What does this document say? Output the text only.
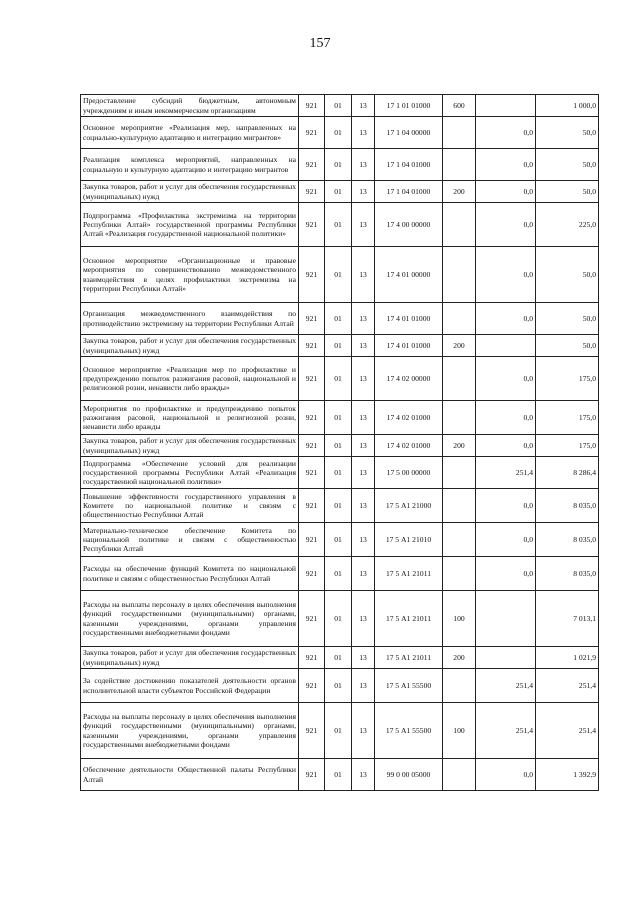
157
Предоставление субсидий бюджетным, автономным учреждениям и иным некоммерческим организациям	921	01	13	17 1 01 01000	600		1 000,0
Основное мероприятие «Реализация мер, направленных на социально-культурную адаптацию и интеграцию мигрантов»	921	01	13	17 1 04 00000		0,0	50,0
Реализация комплекса мероприятий, направленных на социальную и культурную адаптацию и интеграцию мигрантов	921	01	13	17 1 04 01000		0,0	50,0
Закупка товаров, работ и услуг для обеспечения государственных (муниципальных) нужд	921	01	13	17 1 04 01000	200	0,0	50,0
Подпрограмма «Профилактика экстремизма на территории Республики Алтай» государственной программы Республики Алтай «Реализация государственной национальной политики»	921	01	13	17 4 00 00000		0,0	225,0
Основное мероприятие «Организационные и правовые мероприятия по совершенствованию межведомственного взаимодействия в целях профилактики экстремизма на территории Республики Алтай»	921	01	13	17 4 01 00000		0,0	50,0
Организация межведомственного взаимодействия по противодействию экстремизму на территории Республики Алтай	921	01	13	17 4 01 01000		0,0	50,0
Закупка товаров, работ и услуг для обеспечения государственных (муниципальных) нужд	921	01	13	17 4 01 01000	200		50,0
Основное мероприятие «Реализация мер по профилактике и предупреждению попыток разжигания расовой, национальной и религиозной розни, ненависти либо вражды»	921	01	13	17 4 02 00000		0,0	175,0
Мероприятия по профилактике и предупреждению попыток разжигания расовой, национальной и религиозной розни, ненависти либо вражды	921	01	13	17 4 02 01000		0,0	175,0
Закупка товаров, работ и услуг для обеспечения государственных (муниципальных) нужд	921	01	13	17 4 02 01000	200	0,0	175,0
Подпрограмма «Обеспечение условий для реализации государственной программы Республики Алтай «Реализация государственной национальной политики»	921	01	13	17 5 00 00000		251,4	8 286,4
Повышение эффективности государственного управления в Комитете по национальной политике и связям с общественностью Республики Алтай	921	01	13	17 5 А1 21000		0,0	8 035,0
Материально-техническое обеспечение Комитета по национальной политике и связям с общественностью Республики Алтай	921	01	13	17 5 А1 21010		0,0	8 035,0
Расходы на обеспечение функций Комитета по национальной политике и связям с общественностью Республики Алтай	921	01	13	17 5 А1 21011		0,0	8 035,0
Расходы на выплаты персоналу в целях обеспечения выполнения функций государственными (муниципальными) органами, казенными учреждениями, органами управления государственными внебюджетными фондами	921	01	13	17 5 А1 21011	100		7 013,1
Закупка товаров, работ и услуг для обеспечения государственных (муниципальных) нужд	921	01	13	17 5 А1 21011	200		1 021,9
За содействие достижению показателей деятельности органов исполнительной власти субъектов Российской Федерации	921	01	13	17 5 А1 55500		251,4	251,4
Расходы на выплаты персоналу в целях обеспечения выполнения функций государственными (муниципальными) органами, казенными учреждениями, органами управления государственными внебюджетными фондами	921	01	13	17 5 А1 55500	100	251,4	251,4
Обеспечение деятельности Общественной палаты Республики Алтай	921	01	13	99 0 00 05000		0,0	1 392,9
